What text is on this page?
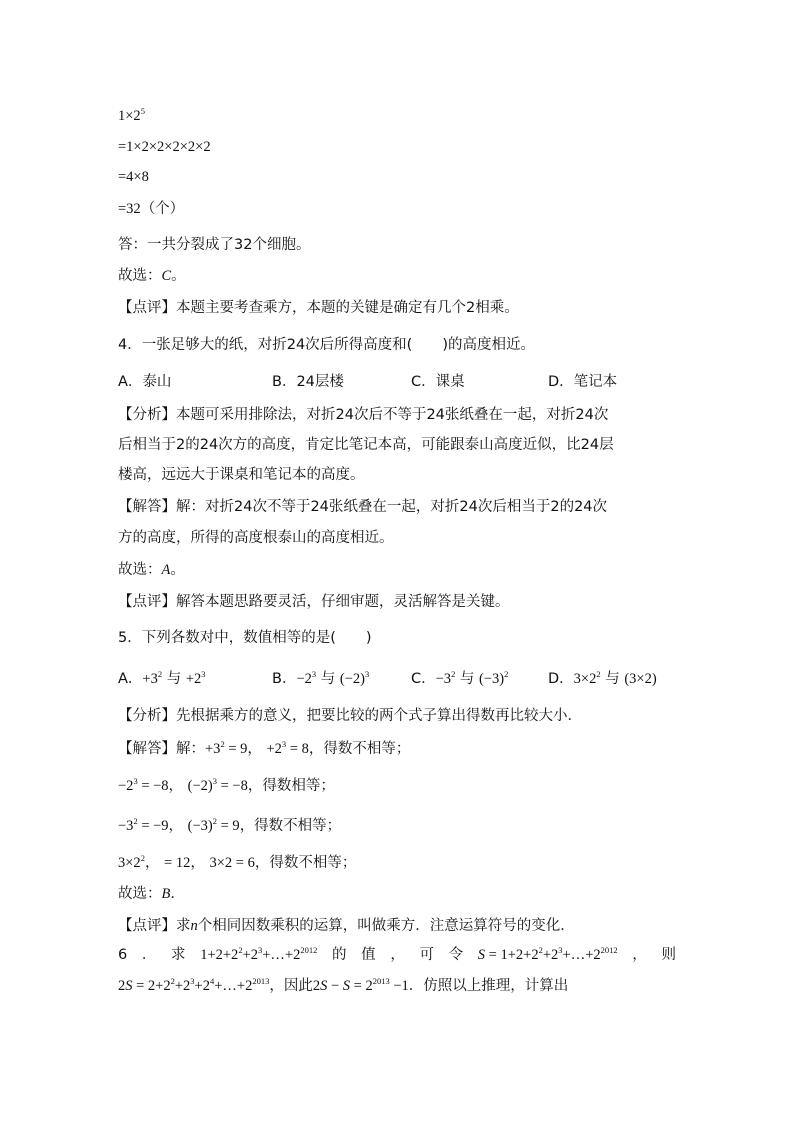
$1\times 2^5$
=1×2×2×2×2×2
=4×8
=32（个）
答：一共分裂成了32个细胞。
故选：C。
【点评】本题主要考查乘方，本题的关键是确定有几个2相乘。
4．一张足够大的纸，对折24次后所得高度和( )的高度相近。
A．泰山	B．24层楼	C．课桌	D．笔记本
【分析】本题可采用排除法，对折24次后不等于24张纸叠在一起，对折24次
后相当于2的24次方的高度，肯定比笔记本高，可能跟泰山高度近似，比24层
楼高，远远大于课桌和笔记本的高度。
【解答】解：对折24次不等于24张纸叠在一起，对折24次后相当于2的24次
方的高度，所得的高度根泰山的高度相近。
故选：A。
【点评】解答本题思路要灵活，仔细审题，灵活解答是关键。
5．下列各数对中，数值相等的是( )
A．$+3^2$ 与 $+2^3$	B．$-2^3$ 与 $(-2)^3$	C．$-3^2$ 与 $(-3)^2$	D．$3\times 2^2$ 与 (3×2)
【分析】先根据乘方的意义，把要比较的两个式子算出得数再比较大小．
【解答】解：$+3^2 = 9$， $+2^3 = 8$，得数不相等；
$-2^3 = -8$， $(-2)^3 = -8$，得数相等；
$-3^2 = -9$， $(-3)^2 = 9$，得数不相等；
$3\times 2^2$， = 12， 3×2 = 6，得数不相等；
故选：B．
【点评】求n个相同因数乘积的运算，叫做乘方．注意运算符号的变化．
6 ． 求 $1+2+2^2+2^3+\dots+2^{2012}$ 的 值 ， 可 令 $S = 1+2+2^2+2^3+\dots+2^{2012}$ ， 则
$2S = 2+2^2+2^3+2^4+\dots+2^{2013}$，因此$2S - S = 2^{2013} -1$．仿照以上推理，计算出
